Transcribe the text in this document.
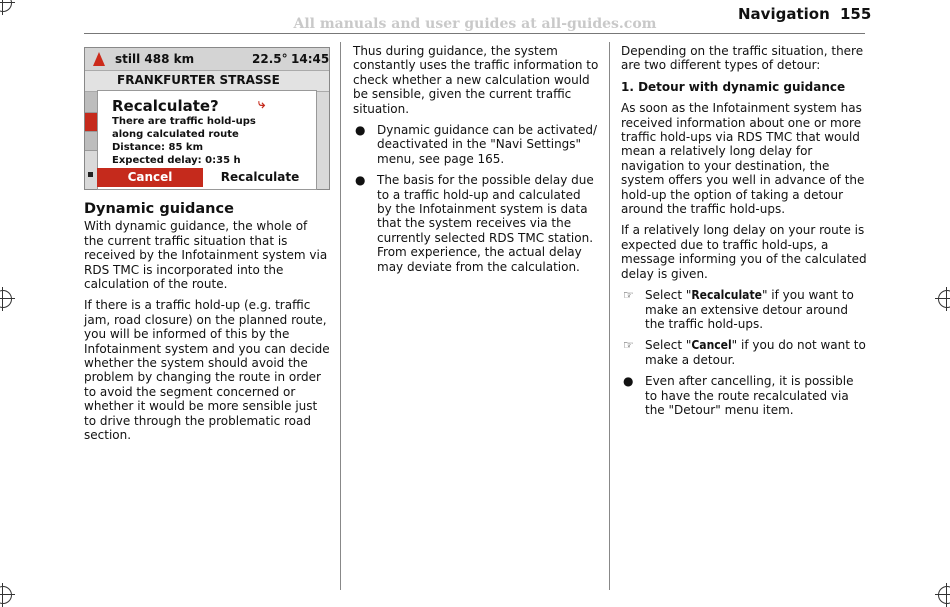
All manuals and user guides at all-guides.com
Navigation 155
still 488 km	22.5° 14:45
FRANKFURTER STRASSE
Recalculate?	⤷
There are traffic hold-ups
along calculated route
Distance: 85 km
Expected delay: 0:35 h
Cancel	Recalculate
Dynamic guidance

With dynamic guidance, the whole of the current traffic situation that is received by the Infotainment system via RDS TMC is incorporated into the calculation of the route.

If there is a traffic hold-up (e.g. traffic jam, road closure) on the planned route, you will be informed of this by the Infotainment system and you can decide whether the system should avoid the problem by changing the route in order to avoid the segment concerned or whether it would be more sensible just to drive through the problematic road section.

Thus during guidance, the system constantly uses the traffic information to check whether a new calculation would be sensible, given the current traffic situation.

● Dynamic guidance can be activated/ deactivated in the "Navi Settings" menu, see page 165.
● The basis for the possible delay due to a traffic hold-up and calculated by the Infotainment system is data that the system receives via the currently selected RDS TMC station. From experience, the actual delay may deviate from the calculation.

Depending on the traffic situation, there are two different types of detour:

1. Detour with dynamic guidance

As soon as the Infotainment system has received information about one or more traffic hold-ups via RDS TMC that would mean a relatively long delay for navigation to your destination, the system offers you well in advance of the hold-up the option of taking a detour around the traffic hold-ups.

If a relatively long delay on your route is expected due to traffic hold-ups, a message informing you of the calculated delay is given.

☞ Select "Recalculate" if you want to make an extensive detour around the traffic hold-ups.
☞ Select "Cancel" if you do not want to make a detour.
● Even after cancelling, it is possible to have the route recalculated via the "Detour" menu item.
